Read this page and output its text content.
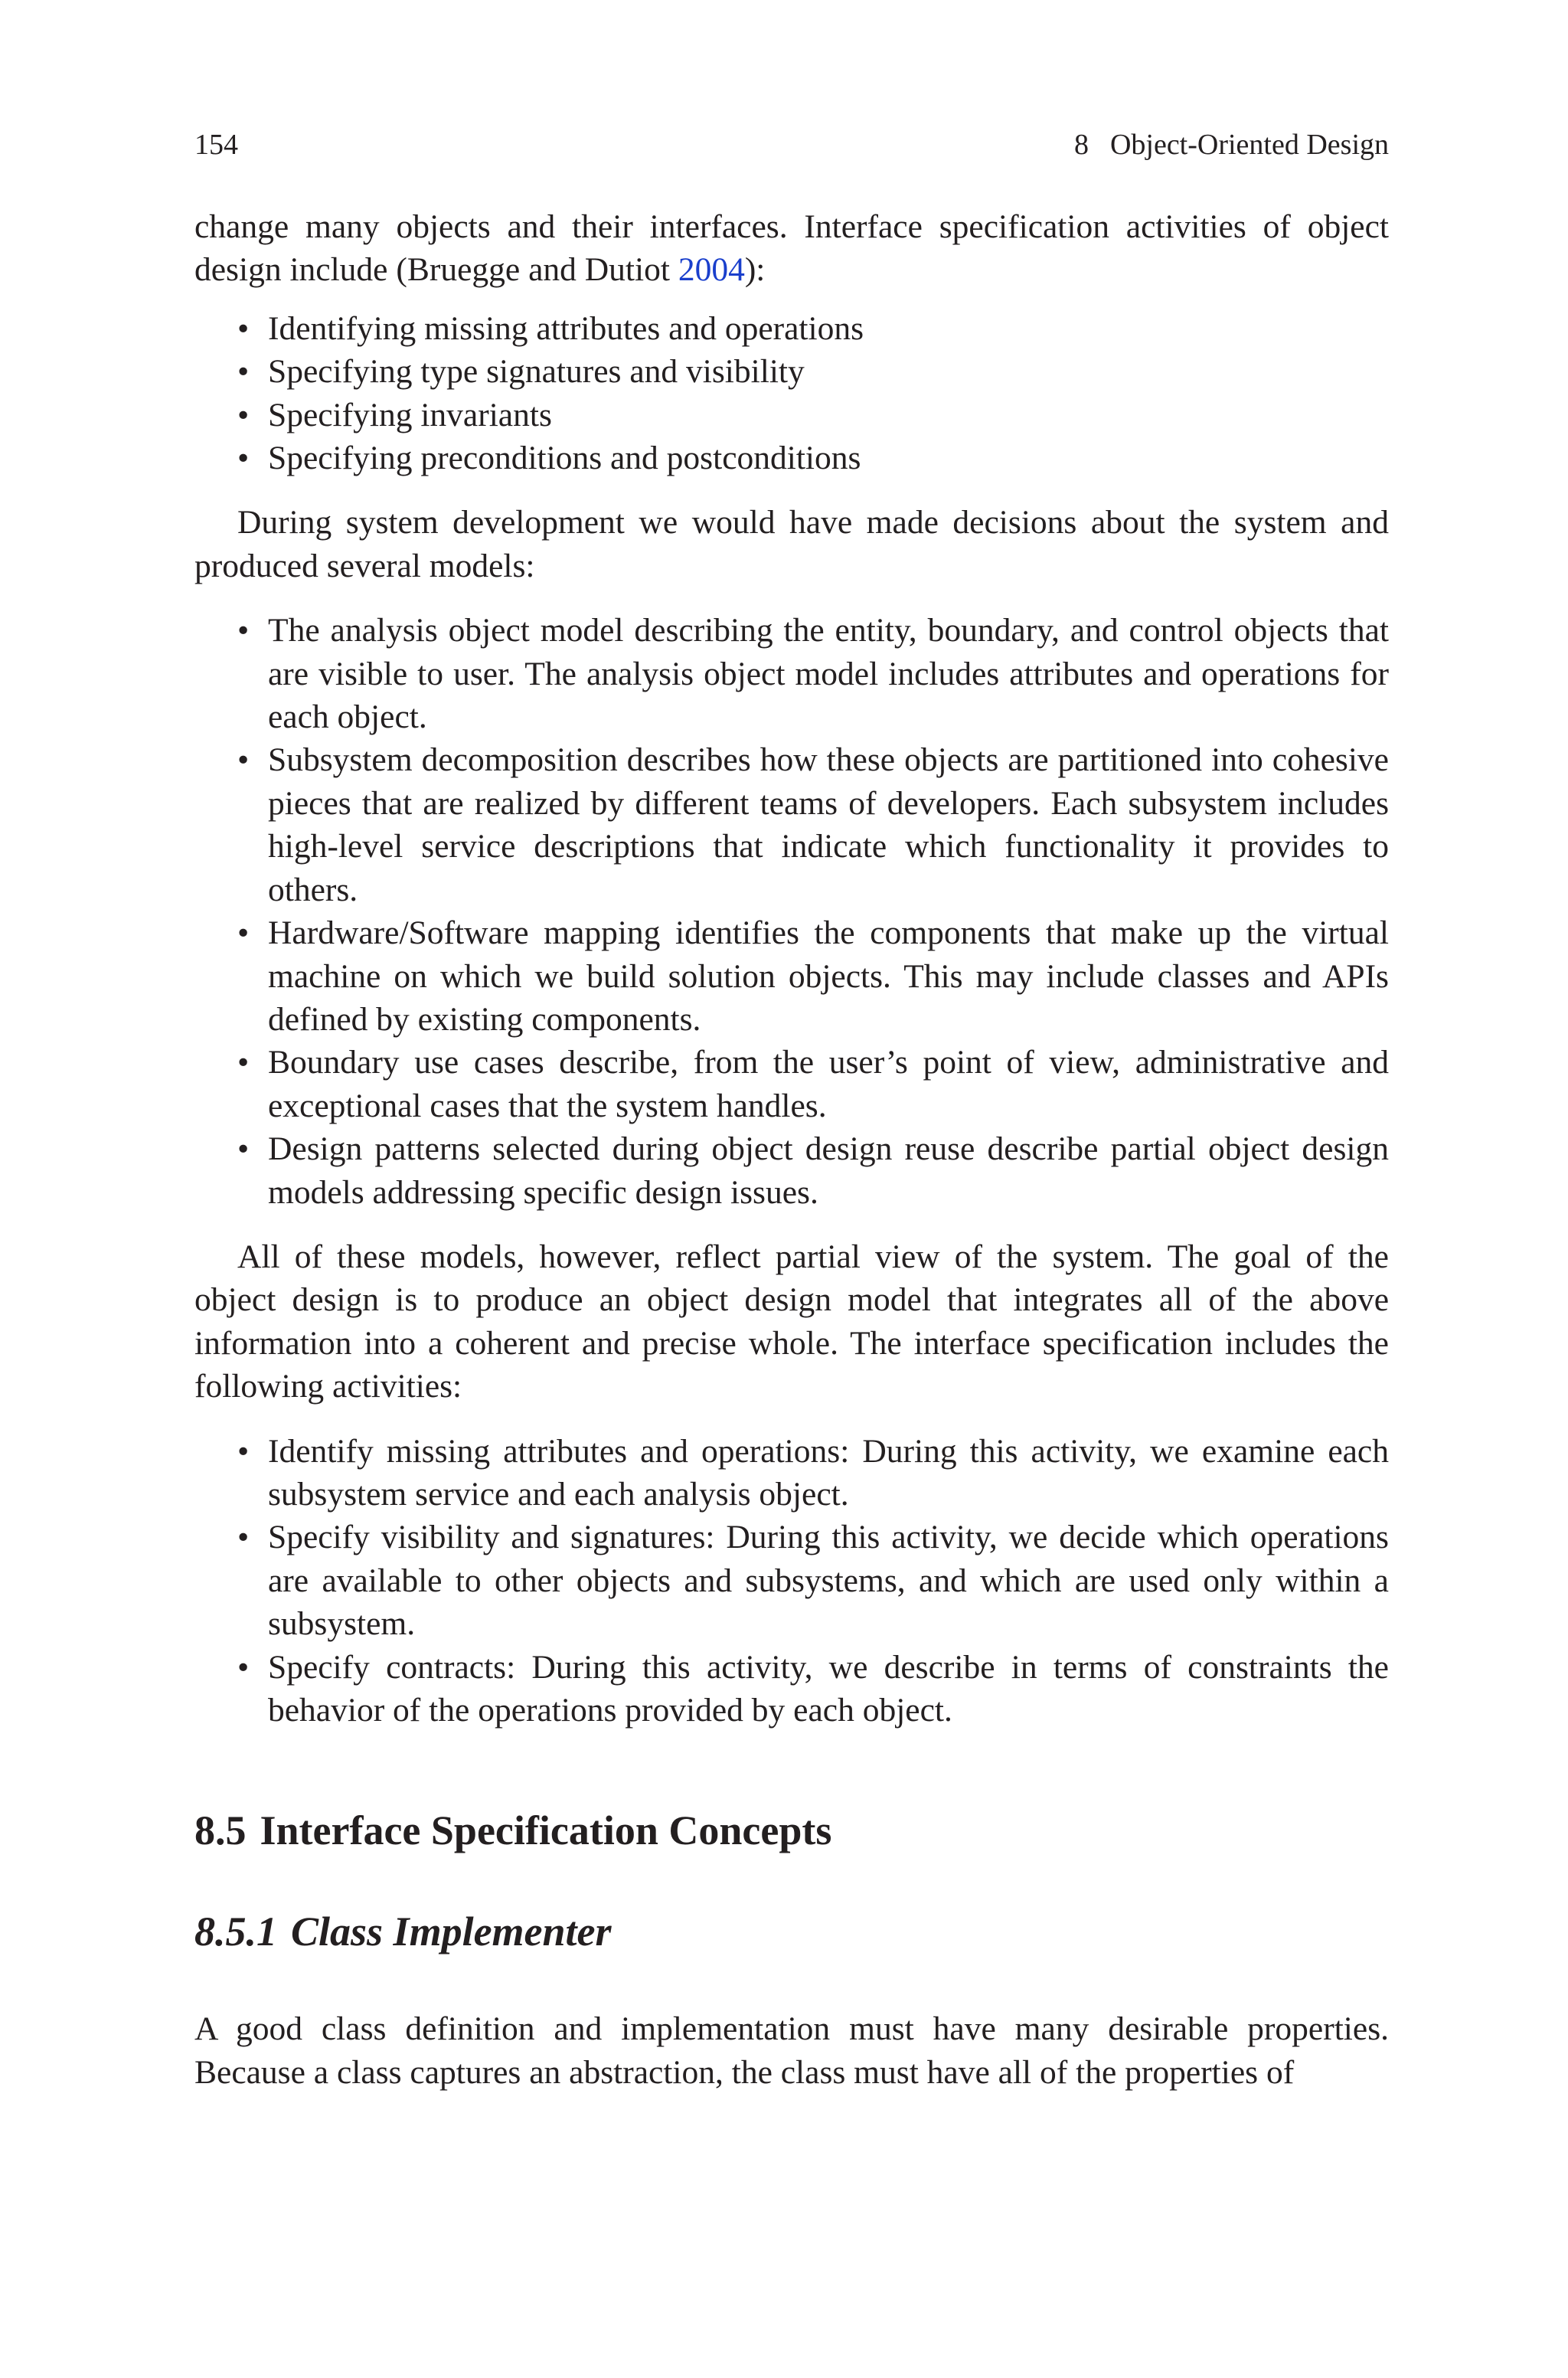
154	8 Object-Oriented Design

change many objects and their interfaces. Interface specification activities of object design include (Bruegge and Dutiot 2004):

• Identifying missing attributes and operations
• Specifying type signatures and visibility
• Specifying invariants
• Specifying preconditions and postconditions

During system development we would have made decisions about the system and produced several models:

• The analysis object model describing the entity, boundary, and control objects that are visible to user. The analysis object model includes attributes and operations for each object.
• Subsystem decomposition describes how these objects are partitioned into cohesive pieces that are realized by different teams of developers. Each subsystem includes high-level service descriptions that indicate which functionality it provides to others.
• Hardware/Software mapping identifies the components that make up the virtual machine on which we build solution objects. This may include classes and APIs defined by existing components.
• Boundary use cases describe, from the user’s point of view, administrative and exceptional cases that the system handles.
• Design patterns selected during object design reuse describe partial object design models addressing specific design issues.

All of these models, however, reflect partial view of the system. The goal of the object design is to produce an object design model that integrates all of the above information into a coherent and precise whole. The interface specification includes the following activities:

• Identify missing attributes and operations: During this activity, we examine each subsystem service and each analysis object.
• Specify visibility and signatures: During this activity, we decide which operations are available to other objects and subsystems, and which are used only within a subsystem.
• Specify contracts: During this activity, we describe in terms of constraints the behavior of the operations provided by each object.
8.5 Interface Specification Concepts
8.5.1 Class Implementer

A good class definition and implementation must have many desirable properties. Because a class captures an abstraction, the class must have all of the properties of
